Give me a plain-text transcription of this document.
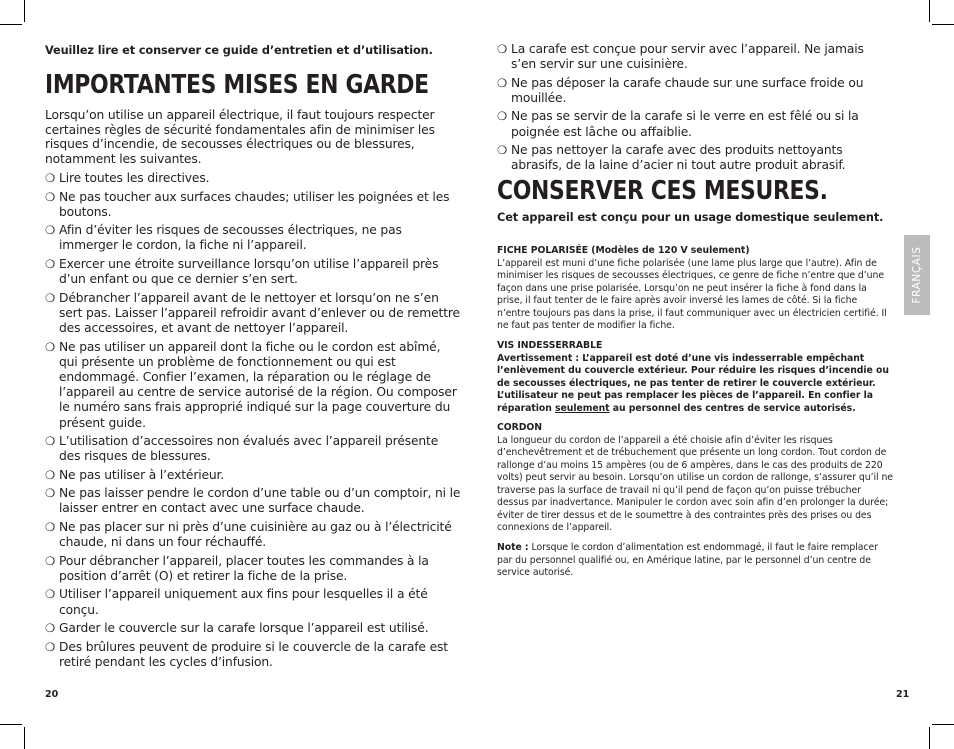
Veuillez lire et conserver ce guide d’entretien et d’utilisation.
IMPORTANTES MISES EN GARDE
Lorsqu’on utilise un appareil électrique, il faut toujours respecter certaines règles de sécurité fondamentales afin de minimiser les risques d’incendie, de secousses électriques ou de blessures, notamment les suivantes.
❍ Lire toutes les directives.
❍ Ne pas toucher aux surfaces chaudes; utiliser les poignées et les boutons.
❍ Afin d’éviter les risques de secousses électriques, ne pas immerger le cordon, la fiche ni l’appareil.
❍ Exercer une étroite surveillance lorsqu’on utilise l’appareil près d’un enfant ou que ce dernier s’en sert.
❍ Débrancher l’appareil avant de le nettoyer et lorsqu’on ne s’en sert pas. Laisser l’appareil refroidir avant d’enlever ou de remettre des accessoires, et avant de nettoyer l’appareil.
❍ Ne pas utiliser un appareil dont la fiche ou le cordon est abîmé, qui présente un problème de fonctionnement ou qui est endommagé. Confier l’examen, la réparation ou le réglage de l’appareil au centre de service autorisé de la région. Ou composer le numéro sans frais approprié indiqué sur la page couverture du présent guide.
❍ L’utilisation d’accessoires non évalués avec l’appareil présente des risques de blessures.
❍ Ne pas utiliser à l’extérieur.
❍ Ne pas laisser pendre le cordon d’une table ou d’un comptoir, ni le laisser entrer en contact avec une surface chaude.
❍ Ne pas placer sur ni près d’une cuisinière au gaz ou à l’électricité chaude, ni dans un four réchauffé.
❍ Pour débrancher l’appareil, placer toutes les commandes à la position d’arrêt (O) et retirer la fiche de la prise.
❍ Utiliser l’appareil uniquement aux fins pour lesquelles il a été conçu.
❍ Garder le couvercle sur la carafe lorsque l’appareil est utilisé.
❍ Des brûlures peuvent de produire si le couvercle de la carafe est retiré pendant les cycles d’infusion.
20
❍ La carafe est conçue pour servir avec l’appareil. Ne jamais s’en servir sur une cuisinière.
❍ Ne pas déposer la carafe chaude sur une surface froide ou mouillée.
❍ Ne pas se servir de la carafe si le verre en est fêlé ou si la poignée est lâche ou affaiblie.
❍ Ne pas nettoyer la carafe avec des produits nettoyants abrasifs, de la laine d’acier ni tout autre produit abrasif.
CONSERVER CES MESURES.
Cet appareil est conçu pour un usage domestique seulement.
FICHE POLARISÉE (Modèles de 120 V seulement)
L’appareil est muni d’une fiche polarisée (une lame plus large que l’autre). Afin de minimiser les risques de secousses électriques, ce genre de fiche n’entre que d’une façon dans une prise polarisée. Lorsqu’on ne peut insérer la fiche à fond dans la prise, il faut tenter de le faire après avoir inversé les lames de côté. Si la fiche n’entre toujours pas dans la prise, il faut communiquer avec un électricien certifié. Il ne faut pas tenter de modifier la fiche.
VIS INDESSERRABLE
Avertissement : L’appareil est doté d’une vis indesserrable empêchant l’enlèvement du couvercle extérieur. Pour réduire les risques d’incendie ou de secousses électriques, ne pas tenter de retirer le couvercle extérieur. L’utilisateur ne peut pas remplacer les pièces de l’appareil. En confier la réparation seulement au personnel des centres de service autorisés.
CORDON
La longueur du cordon de l’appareil a été choisie afin d’éviter les risques d’enchevêtrement et de trébuchement que présente un long cordon. Tout cordon de rallonge d’au moins 15 ampères (ou de 6 ampères, dans le cas des produits de 220 volts) peut servir au besoin. Lorsqu’on utilise un cordon de rallonge, s’assurer qu’il ne traverse pas la surface de travail ni qu’il pend de façon qu’on puisse trébucher dessus par inadvertance. Manipuler le cordon avec soin afin d’en prolonger la durée; éviter de tirer dessus et de le soumettre à des contraintes près des prises ou des connexions de l’appareil.
Note : Lorsque le cordon d’alimentation est endommagé, il faut le faire remplacer par du personnel qualifié ou, en Amérique latine, par le personnel d’un centre de service autorisé.
FRANÇAIS
21
